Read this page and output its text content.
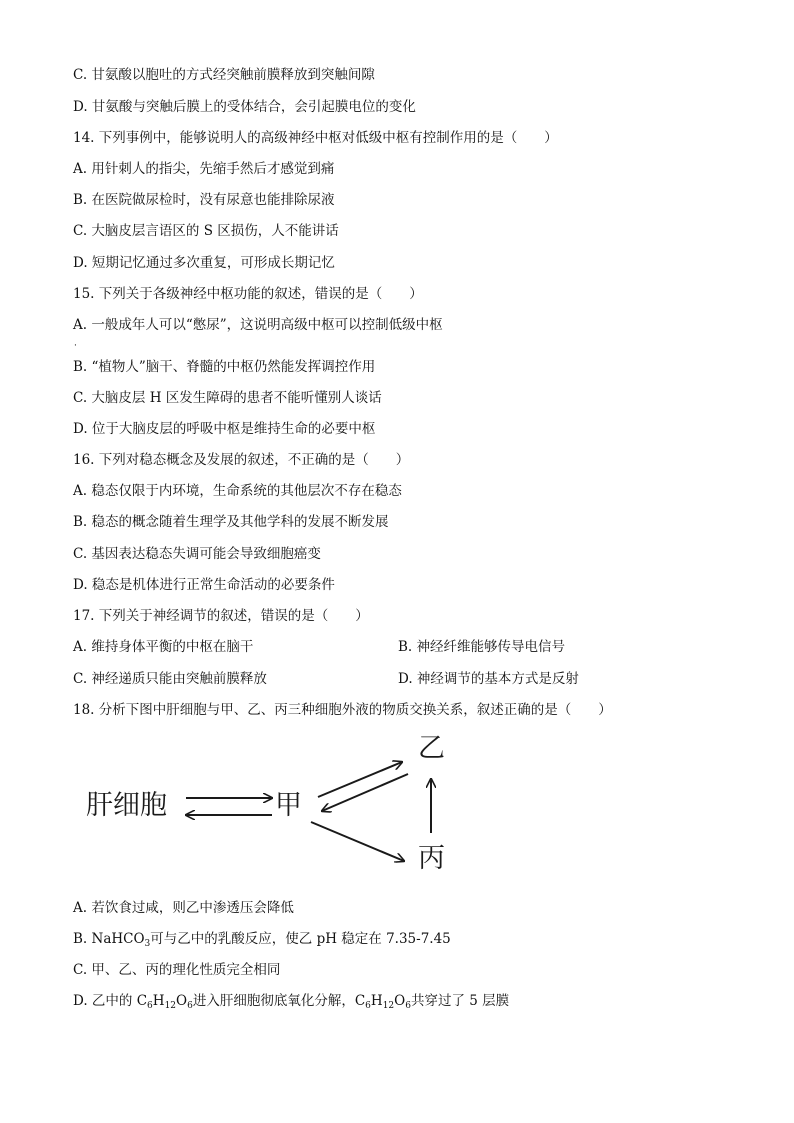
C. 甘氨酸以胞吐的方式经突触前膜释放到突触间隙
D. 甘氨酸与突触后膜上的受体结合，会引起膜电位的变化
14. 下列事例中，能够说明人的高级神经中枢对低级中枢有控制作用的是（　　）
A. 用针刺人的指尖，先缩手然后才感觉到痛
B. 在医院做尿检时，没有尿意也能排除尿液
C. 大脑皮层言语区的 S 区损伤，人不能讲话
D. 短期记忆通过多次重复，可形成长期记忆
15. 下列关于各级神经中枢功能的叙述，错误的是（　　）
A. 一般成年人可以“憋尿”，这说明高级中枢可以控制低级中枢
·
B. “植物人”脑干、脊髓的中枢仍然能发挥调控作用
C. 大脑皮层 H 区发生障碍的患者不能听懂别人谈话
D. 位于大脑皮层的呼吸中枢是维持生命的必要中枢
16. 下列对稳态概念及发展的叙述，不正确的是（　　）
A. 稳态仅限于内环境，生命系统的其他层次不存在稳态
B. 稳态的概念随着生理学及其他学科的发展不断发展
C. 基因表达稳态失调可能会导致细胞癌变
D. 稳态是机体进行正常生命活动的必要条件
17. 下列关于神经调节的叙述，错误的是（　　）
A. 维持身体平衡的中枢在脑干	B. 神经纤维能够传导电信号
C. 神经递质只能由突触前膜释放	D. 神经调节的基本方式是反射
18. 分析下图中肝细胞与甲、乙、丙三种细胞外液的物质交换关系，叙述正确的是（　　）
肝细胞	甲
乙
丙
A. 若饮食过咸，则乙中渗透压会降低
B. NaHCO$_3$可与乙中的乳酸反应，使乙 pH 稳定在 7.35-7.45
C. 甲、乙、丙的理化性质完全相同
D. 乙中的 $C_6H_{12}O_6$进入肝细胞彻底氧化分解，$C_6H_{12}O_6$共穿过了 5 层膜
